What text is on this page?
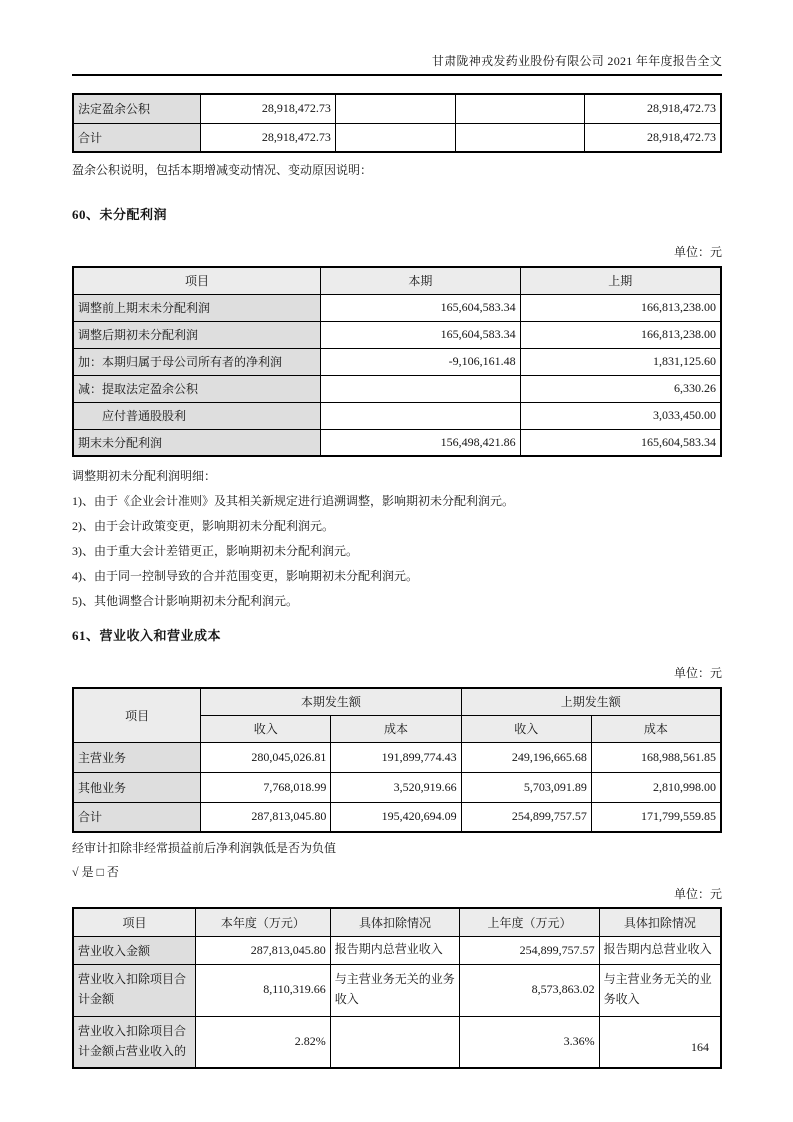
甘肃陇神戎发药业股份有限公司 2021 年年度报告全文
法定盈余公积	28,918,472.73			28,918,472.73
合计	28,918,472.73			28,918,472.73
盈余公积说明，包括本期增减变动情况、变动原因说明：
60、未分配利润
单位：元
项目	本期	上期
调整前上期末未分配利润	165,604,583.34	166,813,238.00
调整后期初未分配利润	165,604,583.34	166,813,238.00
加：本期归属于母公司所有者的净利润	-9,106,161.48	1,831,125.60
减：提取法定盈余公积		6,330.26
应付普通股股利		3,033,450.00
期末未分配利润	156,498,421.86	165,604,583.34
调整期初未分配利润明细：
1)、由于《企业会计准则》及其相关新规定进行追溯调整，影响期初未分配利润元。
2)、由于会计政策变更，影响期初未分配利润元。
3)、由于重大会计差错更正，影响期初未分配利润元。
4)、由于同一控制导致的合并范围变更，影响期初未分配利润元。
5)、其他调整合计影响期初未分配利润元。
61、营业收入和营业成本
单位：元
项目	本期发生额		上期发生额	
	收入	成本	收入	成本
主营业务	280,045,026.81	191,899,774.43	249,196,665.68	168,988,561.85
其他业务	7,768,018.99	3,520,919.66	5,703,091.89	2,810,998.00
合计	287,813,045.80	195,420,694.09	254,899,757.57	171,799,559.85
经审计扣除非经常损益前后净利润孰低是否为负值
√ 是 □ 否
单位：元
项目	本年度（万元）	具体扣除情况	上年度（万元）	具体扣除情况
营业收入金额	287,813,045.80	报告期内总营业收入	254,899,757.57	报告期内总营业收入
营业收入扣除项目合计金额	8,110,319.66	与主营业务无关的业务收入	8,573,863.02	与主营业务无关的业务收入
营业收入扣除项目合计金额占营业收入的	2.82%		3.36%		164
